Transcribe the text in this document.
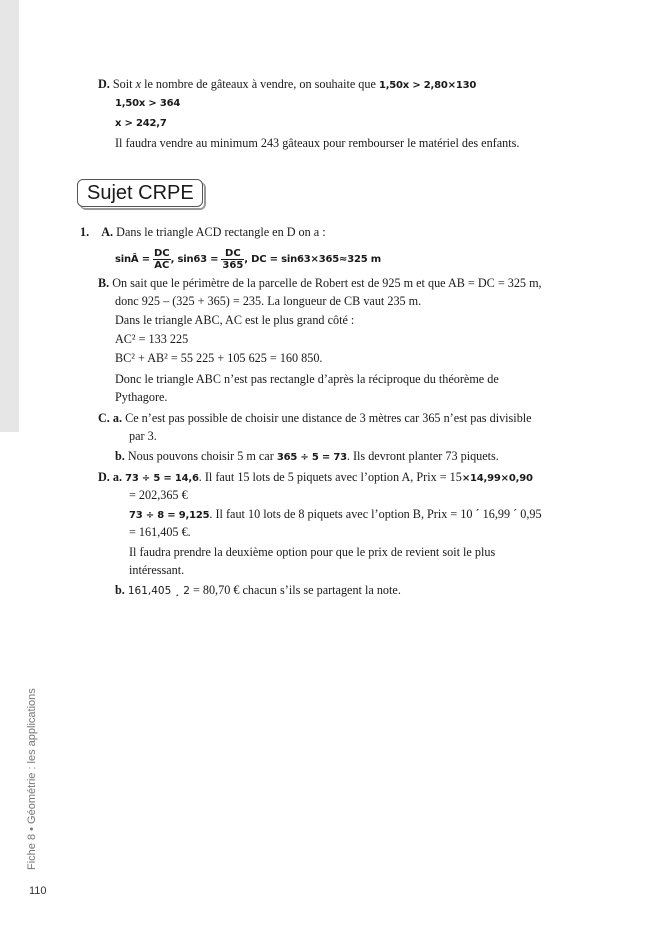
D. Soit x le nombre de gâteaux à vendre, on souhaite que 1,50x > 2,80×130
1,50x > 364
x > 242,7
Il faudra vendre au minimum 243 gâteaux pour rembourser le matériel des enfants.
Sujet CRPE
1. A. Dans le triangle ACD rectangle en D on a :
sinÂ = $\frac{DC}{AC}$ , $\sin 63 = \frac{DC}{365}$ , DC = sin63×365≈325 m
B. On sait que le périmètre de la parcelle de Robert est de 925 m et que AB = DC = 325 m,
donc 925 – (325 + 365) = 235. La longueur de CB vaut 235 m.
Dans le triangle ABC, AC est le plus grand côté :
AC² = 133 225
BC² + AB² = 55 225 + 105 625 = 160 850.
Donc le triangle ABC n’est pas rectangle d’après la réciproque du théorème de
Pythagore.
C. a. Ce n’est pas possible de choisir une distance de 3 mètres car 365 n’est pas divisible
par 3.
b. Nous pouvons choisir 5 m car 365 ÷ 5 = 73. Ils devront planter 73 piquets.
D. a. 73 ÷ 5 = 14,6. Il faut 15 lots de 5 piquets avec l’option A, Prix = 15×14,99×0,90
= 202,365 €
73 ÷ 8 = 9,125. Il faut 10 lots de 8 piquets avec l’option B, Prix = 10 ´ 16,99 ´ 0,95
= 161,405 €.
Il faudra prendre la deuxième option pour que le prix de revient soit le plus
intéressant.
b. 161,405 ¸ 2 = 80,70 € chacun s’ils se partagent la note.
Fiche 8 • Géométrie : les applications
110
